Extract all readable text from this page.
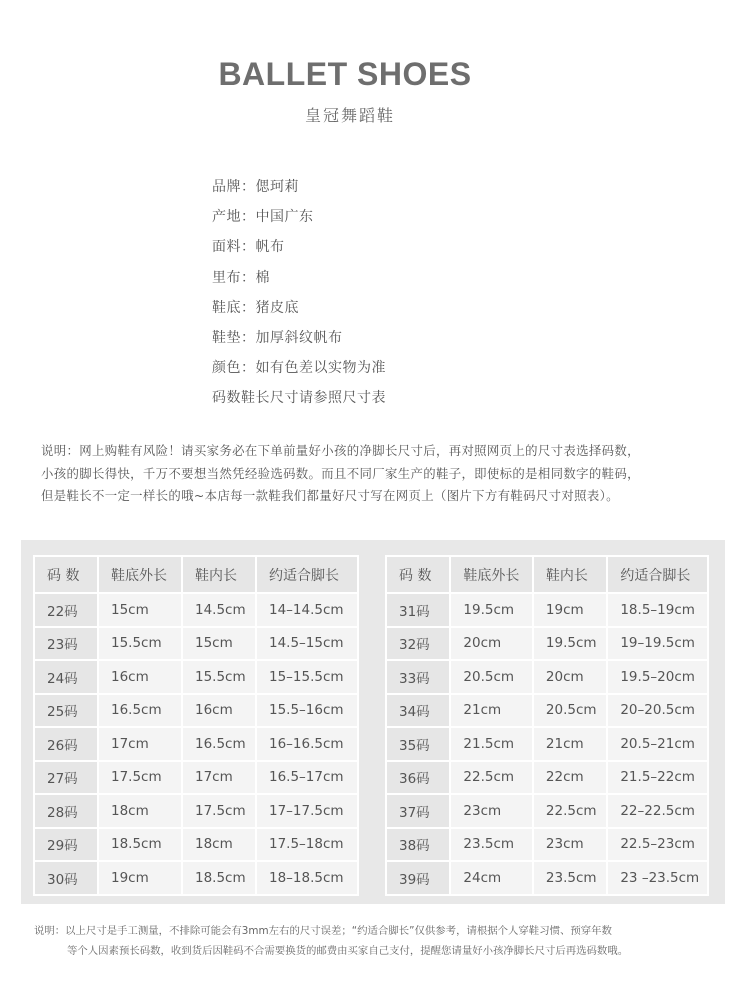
BALLET SHOES
皇冠舞蹈鞋
品牌：偲珂莉
产地：中国广东
面料：帆布
里布：棉
鞋底：猪皮底
鞋垫：加厚斜纹帆布
颜色：如有色差以实物为准
码数鞋长尺寸请参照尺寸表
说明：网上购鞋有风险！请买家务必在下单前量好小孩的净脚长尺寸后，再对照网页上的尺寸表选择码数，
小孩的脚长得快，千万不要想当然凭经验选码数。而且不同厂家生产的鞋子，即使标的是相同数字的鞋码，
但是鞋长不一定一样长的哦~本店每一款鞋我们都量好尺寸写在网页上（图片下方有鞋码尺寸对照表）。
码 数	鞋底外长	鞋内长	约适合脚长
22码	15cm	14.5cm	14–14.5cm
23码	15.5cm	15cm	14.5–15cm
24码	16cm	15.5cm	15–15.5cm
25码	16.5cm	16cm	15.5–16cm
26码	17cm	16.5cm	16–16.5cm
27码	17.5cm	17cm	16.5–17cm
28码	18cm	17.5cm	17–17.5cm
29码	18.5cm	18cm	17.5–18cm
30码	19cm	18.5cm	18–18.5cm
码 数	鞋底外长	鞋内长	约适合脚长
31码	19.5cm	19cm	18.5–19cm
32码	20cm	19.5cm	19–19.5cm
33码	20.5cm	20cm	19.5–20cm
34码	21cm	20.5cm	20–20.5cm
35码	21.5cm	21cm	20.5–21cm
36码	22.5cm	22cm	21.5–22cm
37码	23cm	22.5cm	22–22.5cm
38码	23.5cm	23cm	22.5–23cm
39码	24cm	23.5cm	23 –23.5cm
说明：以上尺寸是手工测量，不排除可能会有3mm左右的尺寸误差；“约适合脚长”仅供参考，请根据个人穿鞋习惯、预穿年数
等个人因素预长码数，收到货后因鞋码不合需要换货的邮费由买家自己支付，提醒您请量好小孩净脚长尺寸后再选码数哦。
